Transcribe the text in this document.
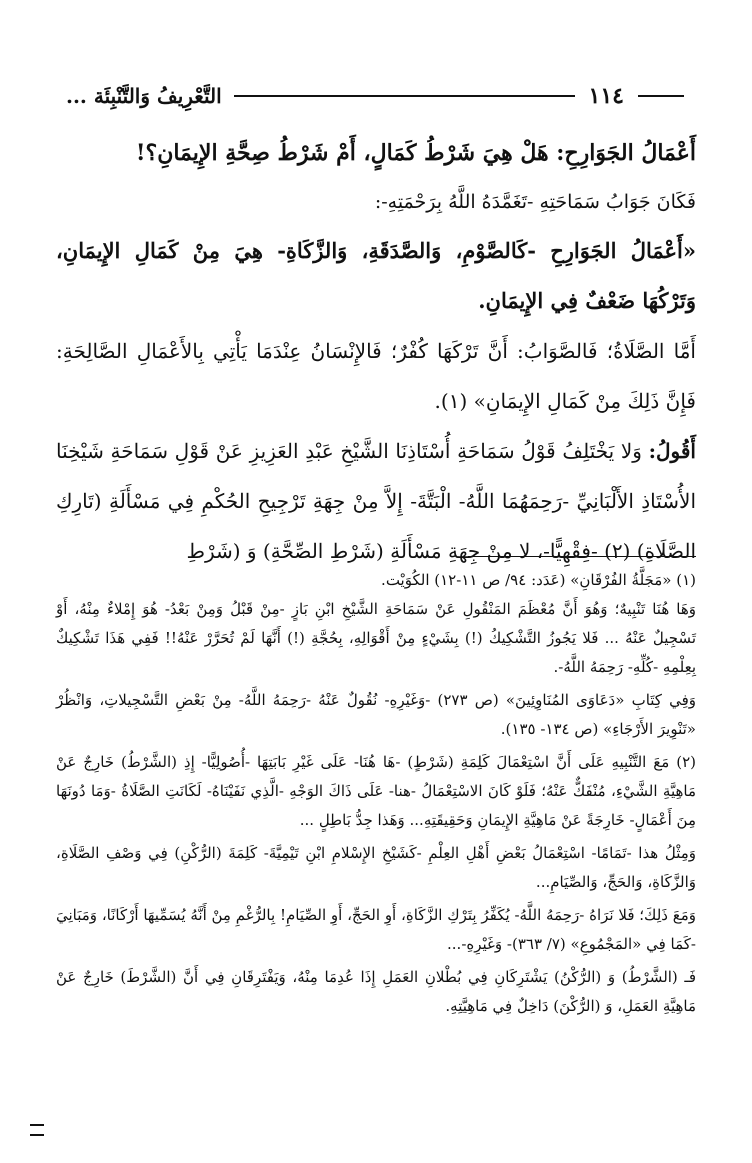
١١٤
التَّعْرِيفُ وَالتَّنْبِئَة ...

أَعْمَالُ الجَوَارِحِ: هَلْ هِيَ شَرْطُ كَمَالٍ، أَمْ شَرْطُ صِحَّةِ الإِيمَانِ؟!

فَكَانَ جَوَابُ سَمَاحَتِهِ -تَغَمَّدَهُ اللَّهُ بِرَحْمَتِهِ-:

«أَعْمَالُ الجَوَارِحِ -كَالصَّوْمِ، وَالصَّدَقَةِ، وَالزَّكَاةِ- هِيَ مِنْ كَمَالِ الإِيمَانِ، وَتَرْكُهَا ضَعْفٌ فِي الإِيمَانِ.

أَمَّا الصَّلَاةُ؛ فَالصَّوَابُ: أَنَّ تَرْكَهَا كُفْرٌ؛ فَالإِنْسَانُ عِنْدَمَا يَأْتِي بِالأَعْمَالِ الصَّالِحَةِ: فَإِنَّ ذَلِكَ مِنْ كَمَالِ الإِيمَانِ» (١).

أَقُولُ: وَلا يَخْتَلِفُ قَوْلُ سَمَاحَةِ أُسْتَاذِنَا الشَّيْخِ عَبْدِ العَزِيزِ عَنْ قَوْلِ سَمَاحَةِ شَيْخِنَا الأُسْتَاذِ الأَلْبَانِيِّ -رَحِمَهُمَا اللَّهُ- الْبَتَّةَ- إِلاَّ مِنْ جِهَةِ تَرْجِيحِ الحُكْمِ فِي مَسْأَلَةِ (تَارِكِ الصَّلَاةِ) (٢) -فِقْهِيًّا-، لا مِنْ جِهَةِ مَسْأَلَةِ (شَرْطِ الصِّحَّةِ) وَ (شَرْطِ

(١) «مَجَلَّةُ الفُرْقَانِ» (عَدَد: ٩٤/ ص ١١-١٢) الكُوَيْت.

وَهَا هُنَا تَنْبِيهٌ؛ وَهُوَ أَنَّ مُعْظَمَ المَنْقُولِ عَنْ سَمَاحَةِ الشَّيْخِ ابْنِ بَازٍ -مِنْ قَبْلُ وَمِنْ بَعْدُ- هُوَ إِمْلاءٌ مِنْهُ، أَوْ تَسْجِيلٌ عَنْهُ ... فَلا يَجُوزُ التَّشْكِيكُ (!) بِشَيْءٍ مِنْ أَقْوَالِهِ، بِحُجَّةِ (!) أَنَّهَا لَمْ تُحَرَّرْ عَنْهُ!! فَفِي هَذَا تَشْكِيكٌ بِعِلْمِهِ -كُلِّهِ- رَحِمَهُ اللَّهُ-.

وَفِي كِتَابِ «دَعَاوَى المُنَاوِئِينَ» (ص ٢٧٣) -وَغَيْرِهِ- نُقُولٌ عَنْهُ -رَحِمَهُ اللَّهُ- مِنْ بَعْضِ التَّسْجِيلاتِ، وَانْظُرْ «تَنْوِيرَ الأَرْجَاءِ» (ص ١٣٤- ١٣٥).

(٢) مَعَ التَّنْبِيهِ عَلَى أَنَّ اسْتِعْمَالَ كَلِمَةِ (شَرْطٍ) -هَا هُنَا- عَلَى غَيْرِ بَابَتِهَا -أُصُولِيًّا- إِذِ (الشَّرْطُ) خَارِجٌ عَنْ مَاهِيَّةِ الشَّيْءِ، مُنْفَكٌّ عَنْهُ؛ فَلَوْ كَانَ الاسْتِعْمَالُ -هنا- عَلَى ذَاكَ الوَجْهِ -الَّذِي نَفَيْنَاهُ- لَكَانَتِ الصَّلَاةُ -وَمَا دُونَهَا مِنَ أَعْمَالٍ- خَارِجَةً عَنْ مَاهِيَّةِ الإِيمَانِ وَحَقِيقَتِهِ... وَهَذا جِدُّ بَاطِلٍ ...

وَمِثْلُ هذا -تَمَامًا- اسْتِعْمَالُ بَعْضِ أَهْلِ العِلْمِ -كَشَيْخِ الإِسْلامِ ابْنِ تَيْمِيَّةَ- كَلِمَةَ (الرُّكْنِ) فِي وَصْفِ الصَّلَاةِ، وَالزَّكَاةِ، وَالحَجِّ، وَالصِّيَامِ...

وَمَعَ ذَلِكَ؛ فَلا نَرَاهُ -رَحِمَهُ اللَّهُ- يُكَفِّرُ بِتَرْكِ الزَّكَاةِ، أَوِ الحَجِّ، أَوِ الصِّيَامِ! بِالرُّغْمِ مِنْ أَنَّهُ يُسَمِّيهَا أَرْكَانًا، وَمَبَانِيَ -كَمَا فِي «المَجْمُوعِ» (٧/ ٣٦٣)- وَغَيْرِهِ-...

فَـ (الشَّرْطُ) وَ (الرُّكْنُ) يَشْتَرِكَانِ فِي بُطْلانِ العَمَلِ إِذَا عُدِمَا مِنْهُ، وَيَفْتَرِقَانِ فِي أَنَّ (الشَّرْطَ) خَارِجٌ عَنْ مَاهِيَّةِ العَمَلِ، وَ (الرُّكْنَ) دَاخِلٌ فِي مَاهِيَّتِهِ.
